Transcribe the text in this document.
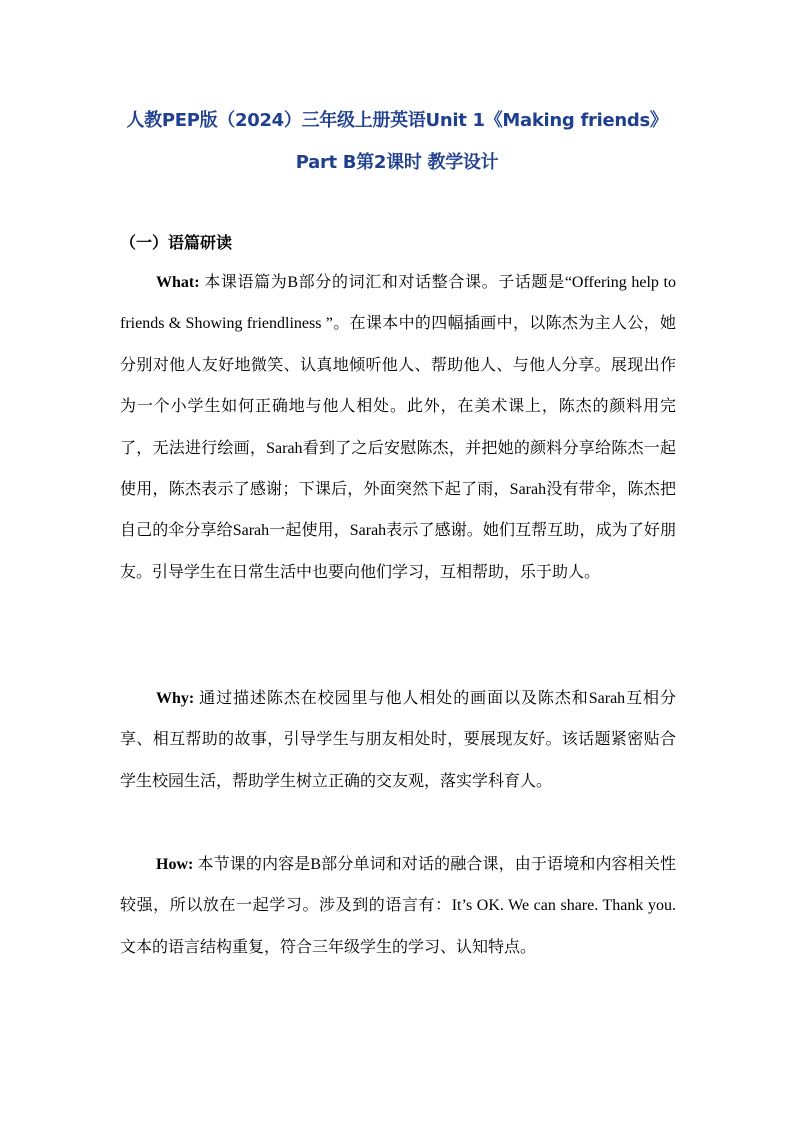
人教PEP版（2024）三年级上册英语Unit 1《Making friends》
Part B第2课时 教学设计
（一）语篇研读

What: 本课语篇为B部分的词汇和对话整合课。子话题是“Offering help to friends & Showing friendliness ”。在课本中的四幅插画中，以陈杰为主人公，她分别对他人友好地微笑、认真地倾听他人、帮助他人、与他人分享。展现出作为一个小学生如何正确地与他人相处。此外，在美术课上，陈杰的颜料用完了，无法进行绘画，Sarah看到了之后安慰陈杰，并把她的颜料分享给陈杰一起使用，陈杰表示了感谢；下课后，外面突然下起了雨，Sarah没有带伞，陈杰把自己的伞分享给Sarah一起使用，Sarah表示了感谢。她们互帮互助，成为了好朋友。引导学生在日常生活中也要向他们学习，互相帮助，乐于助人。

Why: 通过描述陈杰在校园里与他人相处的画面以及陈杰和Sarah互相分享、相互帮助的故事，引导学生与朋友相处时，要展现友好。该话题紧密贴合学生校园生活，帮助学生树立正确的交友观，落实学科育人。

How: 本节课的内容是B部分单词和对话的融合课，由于语境和内容相关性较强，所以放在一起学习。涉及到的语言有：It’s OK. We can share. Thank you.文本的语言结构重复，符合三年级学生的学习、认知特点。
